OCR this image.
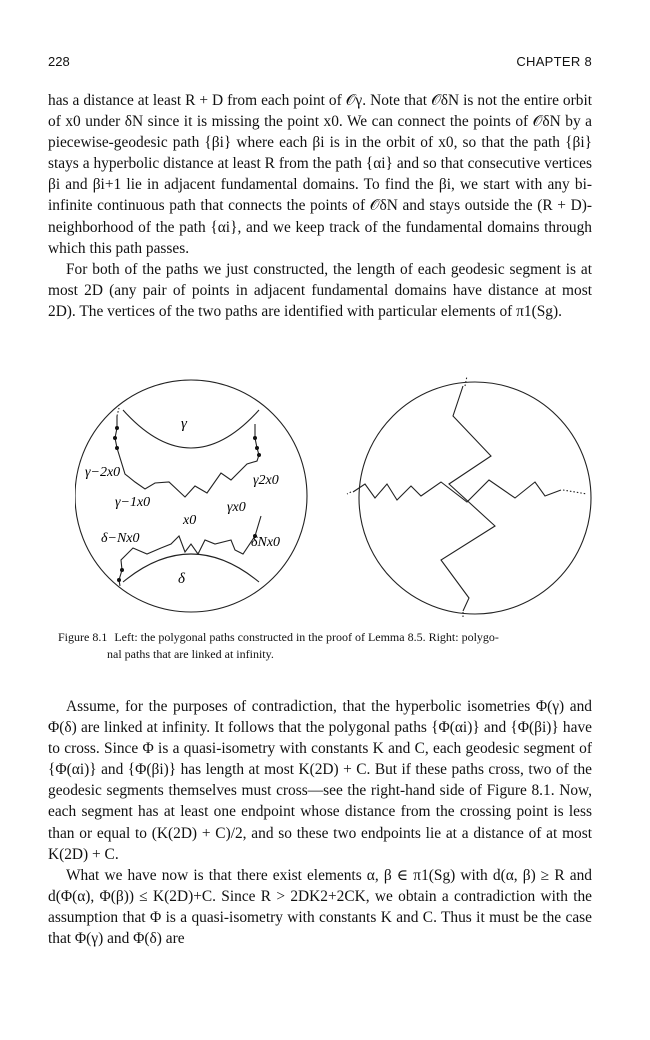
228	CHAPTER 8

has a distance at least R + D from each point of 𝒪γ. Note that 𝒪δN is not the entire orbit of x0 under δN since it is missing the point x0. We can connect the points of 𝒪δN by a piecewise-geodesic path {βi} where each βi is in the orbit of x0, so that the path {βi} stays a hyperbolic distance at least R from the path {αi} and so that consecutive vertices βi and βi+1 lie in adjacent fundamental domains. To find the βi, we start with any bi-infinite continuous path that connects the points of 𝒪δN and stays outside the (R + D)-neighborhood of the path {αi}, and we keep track of the fundamental domains through which this path passes.

For both of the paths we just constructed, the length of each geodesic segment is at most 2D (any pair of points in adjacent fundamental domains have distance at most 2D). The vertices of the two paths are identified with particular elements of π1(Sg).

γ
δ
γ−2x0
γ−1x0
x0
γx0
γ2x0
δ−Nx0	δNx0
Figure 8.1 Left: the polygonal paths constructed in the proof of Lemma 8.5. Right: polygo-
nal paths that are linked at infinity.

Assume, for the purposes of contradiction, that the hyperbolic isometries Φ(γ) and Φ(δ) are linked at infinity. It follows that the polygonal paths {Φ(αi)} and {Φ(βi)} have to cross. Since Φ is a quasi-isometry with constants K and C, each geodesic segment of {Φ(αi)} and {Φ(βi)} has length at most K(2D) + C. But if these paths cross, two of the geodesic segments themselves must cross—see the right-hand side of Figure 8.1. Now, each segment has at least one endpoint whose distance from the crossing point is less than or equal to (K(2D) + C)/2, and so these two endpoints lie at a distance of at most K(2D) + C.

What we have now is that there exist elements α, β ∈ π1(Sg) with d(α, β) ≥ R and d(Φ(α), Φ(β)) ≤ K(2D)+C. Since R > 2DK2+2CK, we obtain a contradiction with the assumption that Φ is a quasi-isometry with constants K and C. Thus it must be the case that Φ(γ) and Φ(δ) are
